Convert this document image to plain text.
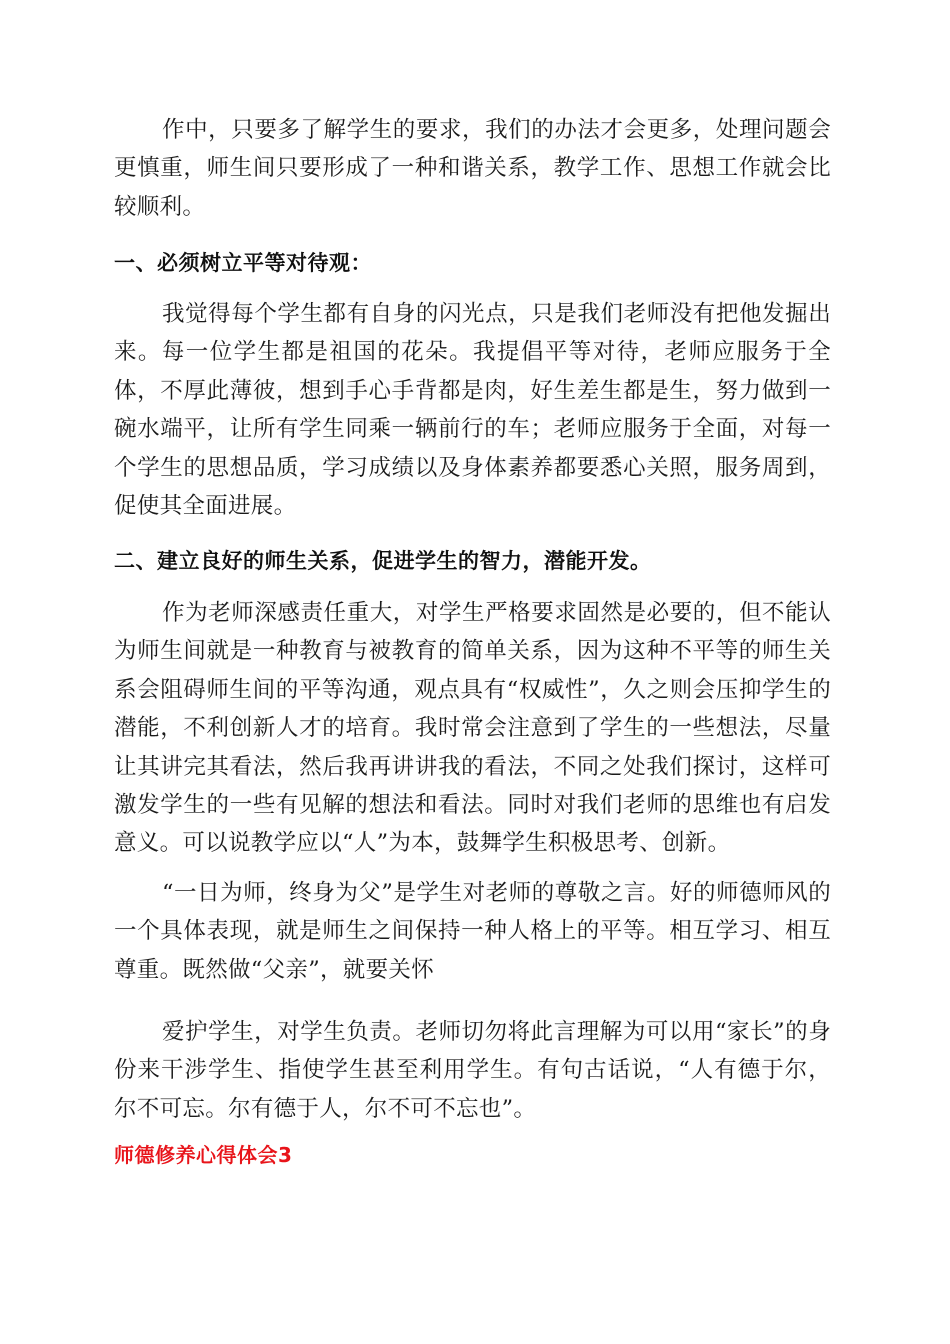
作中，只要多了解学生的要求，我们的办法才会更多，处理问题会更慎重，师生间只要形成了一种和谐关系，教学工作、思想工作就会比较顺利。

一、必须树立平等对待观：

我觉得每个学生都有自身的闪光点，只是我们老师没有把他发掘出来。每一位学生都是祖国的花朵。我提倡平等对待，老师应服务于全体，不厚此薄彼，想到手心手背都是肉，好生差生都是生，努力做到一碗水端平，让所有学生同乘一辆前行的车；老师应服务于全面，对每一个学生的思想品质，学习成绩以及身体素养都要悉心关照，服务周到，促使其全面进展。

二、建立良好的师生关系，促进学生的智力，潜能开发。

作为老师深感责任重大，对学生严格要求固然是必要的，但不能认为师生间就是一种教育与被教育的简单关系，因为这种不平等的师生关系会阻碍师生间的平等沟通，观点具有“权威性”，久之则会压抑学生的潜能，不利创新人才的培育。我时常会注意到了学生的一些想法，尽量让其讲完其看法，然后我再讲讲我的看法，不同之处我们探讨，这样可激发学生的一些有见解的想法和看法。同时对我们老师的思维也有启发意义。可以说教学应以“人”为本，鼓舞学生积极思考、创新。

“一日为师，终身为父”是学生对老师的尊敬之言。好的师德师风的一个具体表现，就是师生之间保持一种人格上的平等。相互学习、相互尊重。既然做“父亲”，就要关怀

爱护学生，对学生负责。老师切勿将此言理解为可以用“家长”的身份来干涉学生、指使学生甚至利用学生。有句古话说，“人有德于尔，尔不可忘。尔有德于人，尔不可不忘也”。

师德修养心得体会3
